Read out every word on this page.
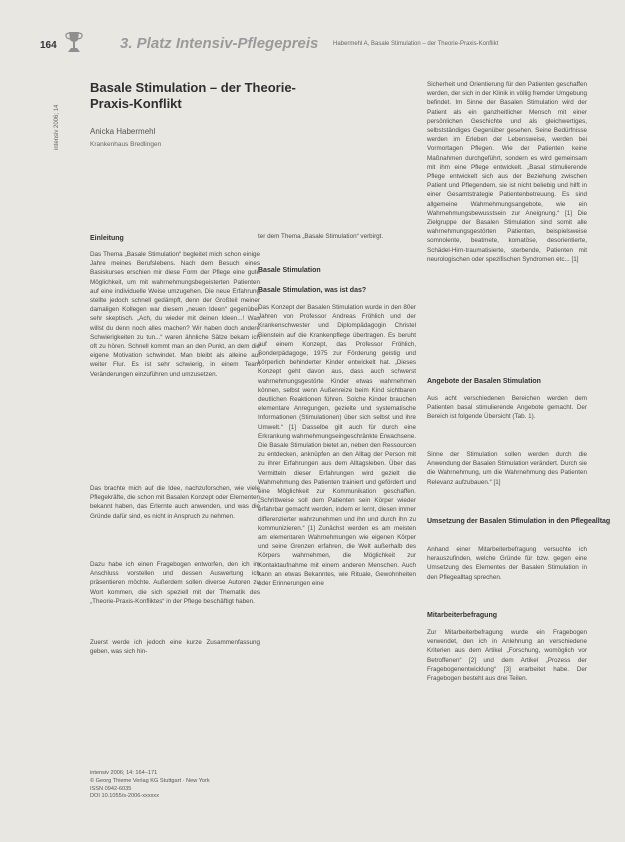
164	3. Platz Intensiv-Pflegepreis Habermehl A, Basale Stimulation – der Theorie-Praxis-Konflikt
intensiv 2006; 14
Basale Stimulation – der Theorie-Praxis-Konflikt
Anicka Habermehl
Krankenhaus Bredlingen
Einleitung
Das Thema „Basale Stimulation“ begleitet mich schon einige Jahre meines Berufslebens. Nach dem Besuch eines Basiskurses erschien mir diese Form der Pflege eine gute Möglichkeit, um mit wahrnehmungsbegeisterten Patienten auf eine individuelle Weise umzugehen. Die neue Erfahrung stellte jedoch schnell gedämpft, denn der Großteil meiner damaligen Kollegen war diesem „neuen Ideen“ gegenüber sehr skeptisch. „Ach, du wieder mit deinen Ideen...! Was willst du denn noch alles machen? Wir haben doch andere Schwierigkeiten zu tun...“ waren ähnliche Sätze bekam ich oft zu hören. Schnell kommt man an den Punkt, an dem die eigene Motivation schwindet. Man bleibt als alleine auf weiter Flur. Es ist sehr schwierig, in einem Team Veränderungen einzuführen und umzusetzen.
Das brachte mich auf die Idee, nachzuforschen, wie viele Pflegekräfte, die schon mit Basalen Konzept oder Elementen bekannt haben, das Erlernte auch anwenden, und was die Gründe dafür sind, es nicht in Anspruch zu nehmen.
Dazu habe ich einen Fragebogen entworfen, den ich im Anschluss vorstellen und dessen Auswertung ich präsentieren möchte. Außerdem sollen diverse Autoren zu Wort kommen, die sich speziell mit der Thematik des „Theorie-Praxis-Konfliktes“ in der Pflege beschäftigt haben.
Zuerst werde ich jedoch eine kurze Zusammenfassung geben, was sich hin-
intensiv 2006; 14: 164–171
© Georg Thieme Verlag KG Stuttgart · New York
ISSN 0942-6035
DOI 10.1055/s-2006-xxxxxx
ter dem Thema „Basale Stimulation“ verbirgt.
Basale Stimulation
Basale Stimulation, was ist das?
Das Konzept der Basalen Stimulation wurde in den 80er Jahren von Professor Andreas Fröhlich und der Krankenschwester und Diplompädagogin Christel Bienstein auf die Krankenpflege übertragen. Es beruht auf einem Konzept, das Professor Fröhlich, Sonderpädagoge, 1975 zur Förderung geistig und körperlich behinderter Kinder entwickelt hat. „Dieses Konzept geht davon aus, dass auch schwerst wahrnehmungsgestörte Kinder etwas wahrnehmen können, selbst wenn Außenreize beim Kind sichtbaren deutlichen Reaktionen führen. Solche Kinder brauchen elementare Anregungen, gezielte und systematische Informationen (Stimulationen) über sich selbst und ihre Umwelt.“ [1] Dasselbe gilt auch für durch eine Erkrankung wahrnehmungseingeschränkte Erwachsene. Die Basale Stimulation bietet an, neben den Ressourcen zu entdecken, anknüpfen an den Alltag der Person mit zu ihrer Erfahrungen aus dem Alltagsleben. Über das Vermitteln dieser Erfahrungen wird gezielt die Wahrnehmung des Patienten trainiert und gefördert und eine Möglichkeit zur Kommunikation geschaffen. „Schrittweise soll dem Patienten sein Körper wieder erfahrbar gemacht werden, indem er lernt, diesen immer differenzierter wahrzunehmen und ihn und durch ihn zu kommunizieren.“ [1] Zunächst werden es am meisten am elementaren Wahrnehmungen wie eigenen Körper und seine Grenzen erfahren, die Welt außerhalb des Körpers wahrnehmen, die Möglichkeit zur Kontaktaufnahme mit einem anderen Menschen. Auch kann an etwas Bekanntes, wie Rituale, Gewohnheiten oder Erinnerungen eine
Sicherheit und Orientierung für den Patienten geschaffen werden, der sich in der Klinik in völlig fremder Umgebung befindet. Im Sinne der Basalen Stimulation wird der Patient als ein ganzheitlicher Mensch mit einer persönlichen Geschichte und als gleichwertiges, selbstständiges Gegenüber gesehen. Seine Bedürfnisse werden im Erleben der Lebensweise, werden bei Vormortagen Pflegen. Wie der Patienten keine Maßnahmen durchgeführt, sondern es wird gemeinsam mit ihm eine Pflege entwickelt. „Basal stimulierende Pflege entwickelt sich aus der Beziehung zwischen Patient und Pflegendem, sie ist nicht beliebig und hilft in einer Gesamtstrategie Patientenbetreuung. Es sind allgemeine Wahrnehmungsangebote, wie ein Wahrnehmungsbewusstsein zur Aneignung.“ [1] Die Zielgruppe der Basalen Stimulation sind somit alle wahrnehmungsgestörten Patienten, beispielsweise somnolente, beatmete, komatöse, desorientierte, Schädel-Hirn-traumatisierte, sterbende, Patienten mit neurologischen oder spezifischen Syndromen etc... [1]
Angebote der Basalen Stimulation
Aus acht verschiedenen Bereichen werden dem Patienten basal stimulierende Angebote gemacht. Der Bereich ist folgende Übersicht (Tab. 1).
Sinne der Stimulation sollen werden durch die Anwendung der Basalen Stimulation verändert. Durch sie die Wahrnehmung, um die Wahrnehmung des Patienten Relevanz aufzubauen.“ [1]
Umsetzung der Basalen Stimulation in den Pflegealltag
Anhand einer Mitarbeiterbefragung versuchte ich herauszufinden, welche Gründe für bzw. gegen eine Umsetzung des Elementes der Basalen Stimulation in den Pflegealltag sprechen.
Mitarbeiterbefragung
Zur Mitarbeiterbefragung wurde ein Fragebogen verwendet, den ich in Anlehnung an verschiedene Kriterien aus dem Artikel „Forschung, womöglich vor Betroffenen“ [2] und dem Artikel „Prozess der Fragebogenentwicklung“ [3] erarbeitet habe. Der Fragebogen besteht aus drei Teilen.
